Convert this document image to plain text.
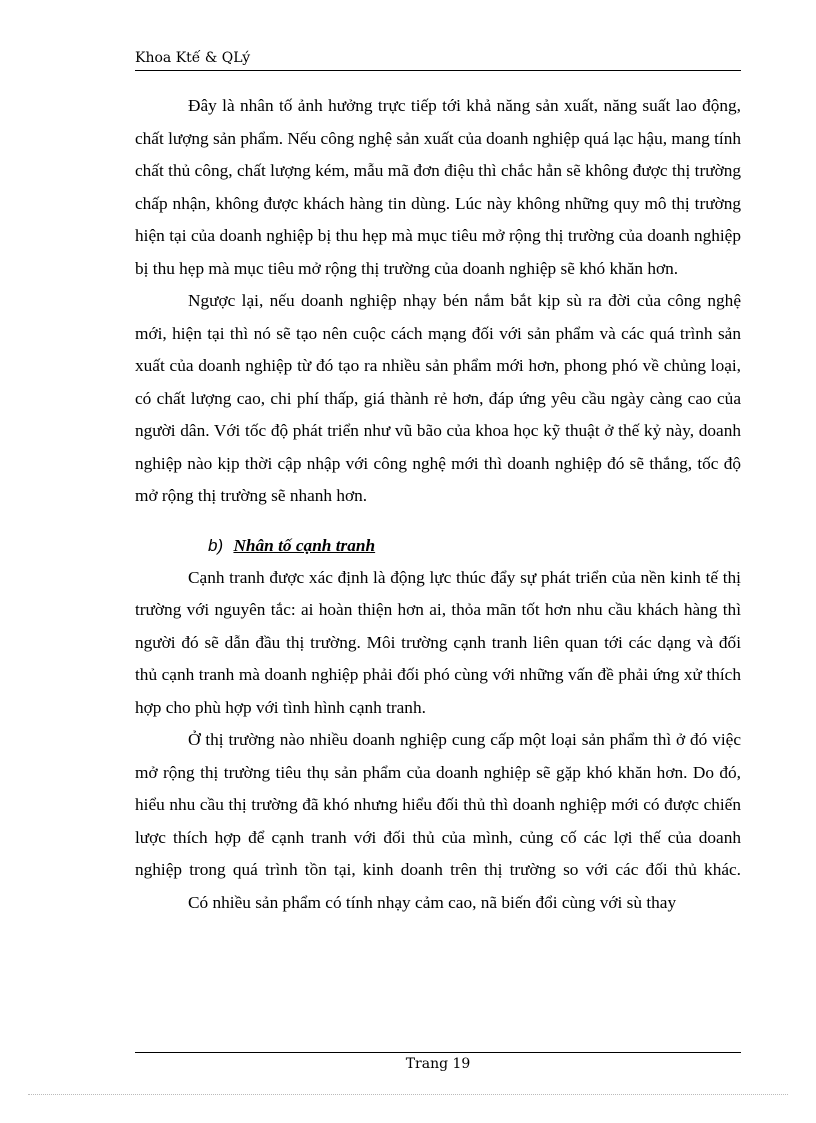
Khoa Ktế & QLý

Đây là nhân tố ảnh hưởng trực tiếp tới khả năng sản xuất, năng suất lao động, chất lượng sản phẩm. Nếu công nghệ sản xuất của doanh nghiệp quá lạc hậu, mang tính chất thủ công, chất lượng kém, mẫu mã đơn điệu thì chắc hẳn sẽ không được thị trường chấp nhận, không được khách hàng tin dùng. Lúc này không những quy mô thị trường hiện tại của doanh nghiệp bị thu hẹp mà mục tiêu mở rộng thị trường của doanh nghiệp bị thu hẹp mà mục tiêu mở rộng thị trường của doanh nghiệp sẽ khó khăn hơn.

Ngược lại, nếu doanh nghiệp nhạy bén nắm bắt kịp sù ra đời của công nghệ mới, hiện tại thì nó sẽ tạo nên cuộc cách mạng đối với sản phẩm và các quá trình sản xuất của doanh nghiệp từ đó tạo ra nhiều sản phẩm mới hơn, phong phó về chủng loại, có chất lượng cao, chi phí thấp, giá thành rẻ hơn, đáp ứng yêu cầu ngày càng cao của người dân. Với tốc độ phát triển như vũ bão của khoa học kỹ thuật ở thế kỷ này, doanh nghiệp nào kịp thời cập nhập với công nghệ mới thì doanh nghiệp đó sẽ thắng, tốc độ mở rộng thị trường sẽ nhanh hơn.

b) Nhân tố cạnh tranh

Cạnh tranh được xác định là động lực thúc đẩy sự phát triển của nền kinh tế thị trường với nguyên tắc: ai hoàn thiện hơn ai, thỏa mãn tốt hơn nhu cầu khách hàng thì người đó sẽ dẫn đầu thị trường. Môi trường cạnh tranh liên quan tới các dạng và đối thủ cạnh tranh mà doanh nghiệp phải đối phó cùng với những vấn đề phải ứng xử thích hợp cho phù hợp với tình hình cạnh tranh.

Ở thị trường nào nhiều doanh nghiệp cung cấp một loại sản phẩm thì ở đó việc mở rộng thị trường tiêu thụ sản phẩm của doanh nghiệp sẽ gặp khó khăn hơn. Do đó, hiểu nhu cầu thị trường đã khó nhưng hiểu đối thủ thì doanh nghiệp mới có được chiến lược thích hợp để cạnh tranh với đối thủ của mình, củng cố các lợi thế của doanh nghiệp trong quá trình tồn tại, kinh doanh trên thị trường so với các đối thủ khác.

Có nhiều sản phẩm có tính nhạy cảm cao, nã biến đổi cùng với sù thay

Trang 19
